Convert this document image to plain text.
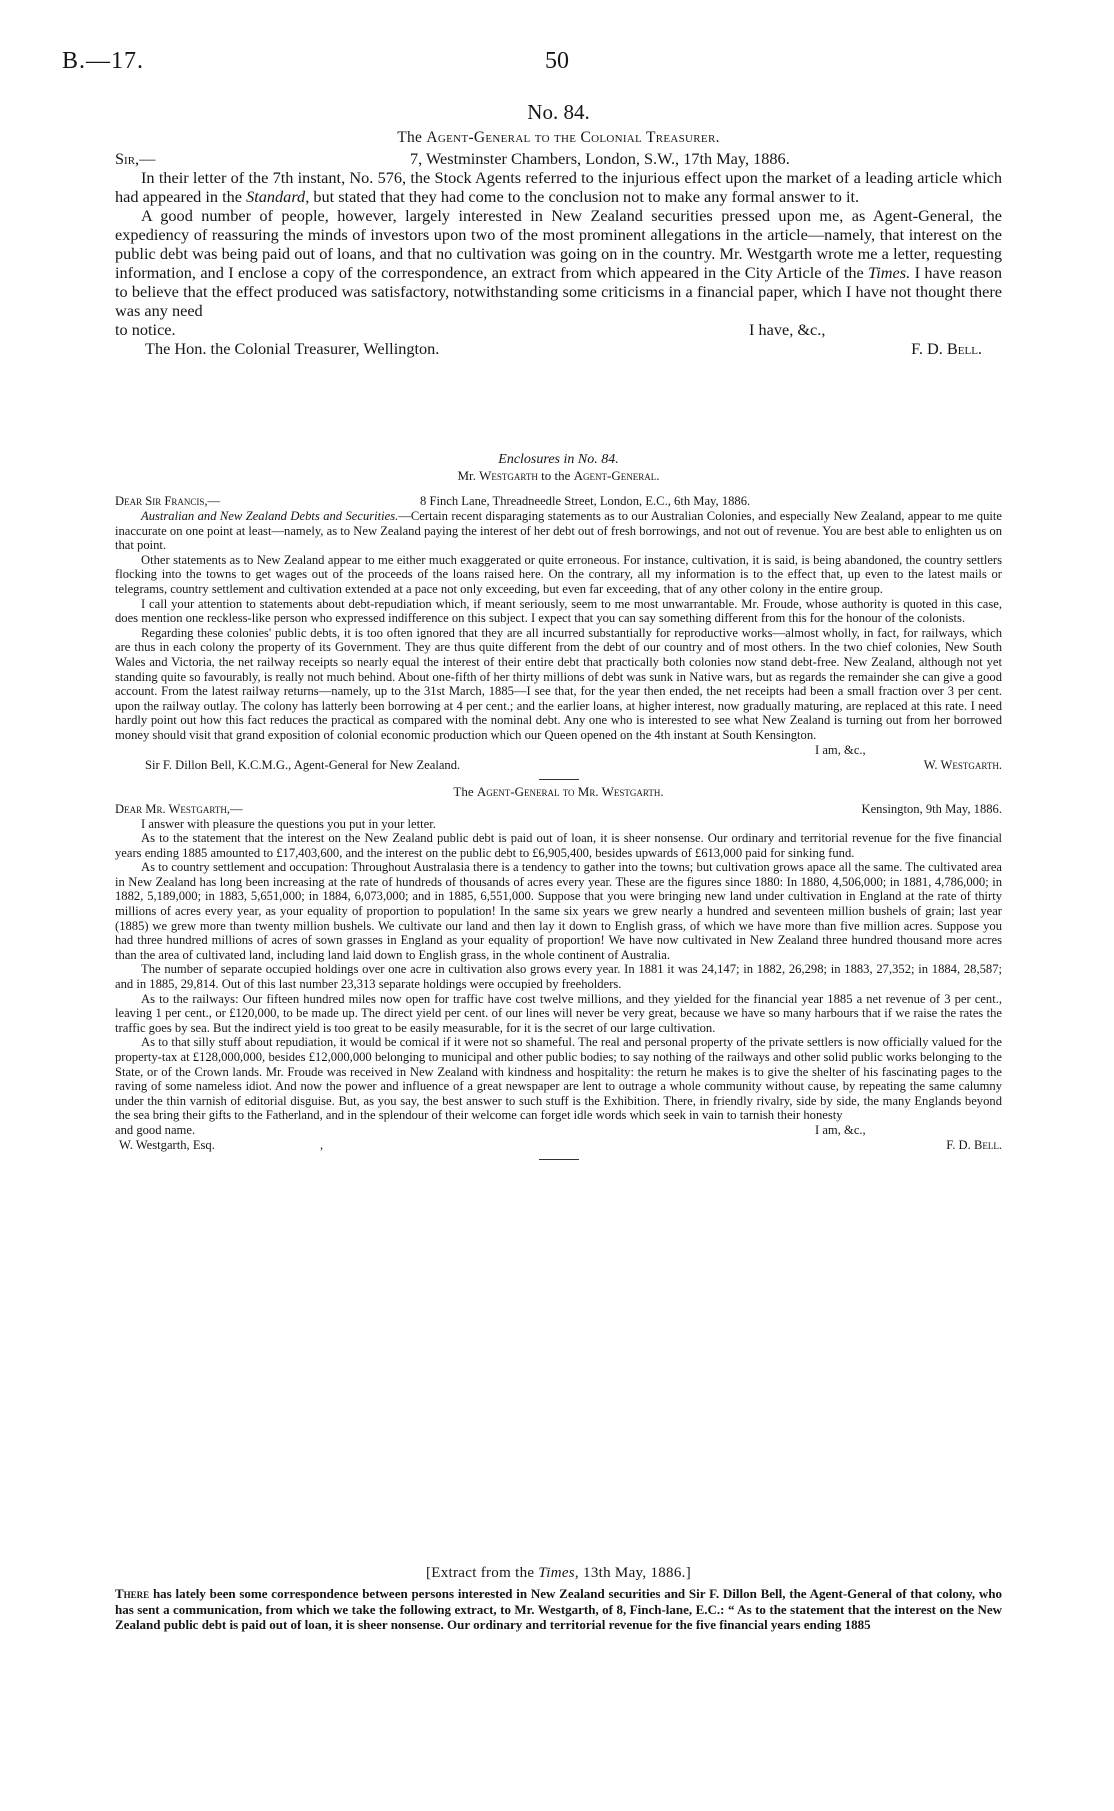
B.—17.	50
No. 84.
The Agent-General to the Colonial Treasurer.
Sir,—	7, Westminster Chambers, London, S.W., 17th May, 1886.

In their letter of the 7th instant, No. 576, the Stock Agents referred to the injurious effect upon the market of a leading article which had appeared in the Standard, but stated that they had come to the conclusion not to make any formal answer to it.

A good number of people, however, largely interested in New Zealand securities pressed upon me, as Agent-General, the expediency of reassuring the minds of investors upon two of the most prominent allegations in the article—namely, that interest on the public debt was being paid out of loans, and that no cultivation was going on in the country. Mr. Westgarth wrote me a letter, requesting information, and I enclose a copy of the correspondence, an extract from which appeared in the City Article of the Times. I have reason to believe that the effect produced was satisfactory, notwithstanding some criticisms in a financial paper, which I have not thought there was any need

to notice.	I have, &c.,
The Hon. the Colonial Treasurer, Wellington.	F. D. Bell.
Enclosures in No. 84.
Mr. Westgarth to the Agent-General.
Dear Sir Francis,—	8 Finch Lane, Threadneedle Street, London, E.C., 6th May, 1886.

Australian and New Zealand Debts and Securities.—Certain recent disparaging statements as to our Australian Colonies, and especially New Zealand, appear to me quite inaccurate on one point at least—namely, as to New Zealand paying the interest of her debt out of fresh borrowings, and not out of revenue. You are best able to enlighten us on that point.

Other statements as to New Zealand appear to me either much exaggerated or quite erroneous. For instance, cultivation, it is said, is being abandoned, the country settlers flocking into the towns to get wages out of the proceeds of the loans raised here. On the contrary, all my information is to the effect that, up even to the latest mails or telegrams, country settlement and cultivation extended at a pace not only exceeding, but even far exceeding, that of any other colony in the entire group.

I call your attention to statements about debt-repudiation which, if meant seriously, seem to me most unwarrantable. Mr. Froude, whose authority is quoted in this case, does mention one reckless-like person who expressed indifference on this subject. I expect that you can say something different from this for the honour of the colonists.

Regarding these colonies' public debts, it is too often ignored that they are all incurred substantially for reproductive works—almost wholly, in fact, for railways, which are thus in each colony the property of its Government. They are thus quite different from the debt of our country and of most others. In the two chief colonies, New South Wales and Victoria, the net railway receipts so nearly equal the interest of their entire debt that practically both colonies now stand debt-free. New Zealand, although not yet standing quite so favourably, is really not much behind. About one-fifth of her thirty millions of debt was sunk in Native wars, but as regards the remainder she can give a good account. From the latest railway returns—namely, up to the 31st March, 1885—I see that, for the year then ended, the net receipts had been a small fraction over 3 per cent. upon the railway outlay. The colony has latterly been borrowing at 4 per cent.; and the earlier loans, at higher interest, now gradually maturing, are replaced at this rate. I need hardly point out how this fact reduces the practical as compared with the nominal debt. Any one who is interested to see what New Zealand is turning out from her borrowed money should visit that grand exposition of colonial economic production which our Queen opened on the 4th instant at South Kensington.

I am, &c.,
Sir F. Dillon Bell, K.C.M.G., Agent-General for New Zealand.	W. Westgarth.
The Agent-General to Mr. Westgarth.
Dear Mr. Westgarth,—	Kensington, 9th May, 1886.

I answer with pleasure the questions you put in your letter.

As to the statement that the interest on the New Zealand public debt is paid out of loan, it is sheer nonsense. Our ordinary and territorial revenue for the five financial years ending 1885 amounted to £17,403,600, and the interest on the public debt to £6,905,400, besides upwards of £613,000 paid for sinking fund.

As to country settlement and occupation: Throughout Australasia there is a tendency to gather into the towns; but cultivation grows apace all the same. The cultivated area in New Zealand has long been increasing at the rate of hundreds of thousands of acres every year. These are the figures since 1880: In 1880, 4,506,000; in 1881, 4,786,000; in 1882, 5,189,000; in 1883, 5,651,000; in 1884, 6,073,000; and in 1885, 6,551,000. Suppose that you were bringing new land under cultivation in England at the rate of thirty millions of acres every year, as your equality of proportion to population! In the same six years we grew nearly a hundred and seventeen million bushels of grain; last year (1885) we grew more than twenty million bushels. We cultivate our land and then lay it down to English grass, of which we have more than five million acres. Suppose you had three hundred millions of acres of sown grasses in England as your equality of proportion! We have now cultivated in New Zealand three hundred thousand more acres than the area of cultivated land, including land laid down to English grass, in the whole continent of Australia.

The number of separate occupied holdings over one acre in cultivation also grows every year. In 1881 it was 24,147; in 1882, 26,298; in 1883, 27,352; in 1884, 28,587; and in 1885, 29,814. Out of this last number 23,313 separate holdings were occupied by freeholders.

As to the railways: Our fifteen hundred miles now open for traffic have cost twelve millions, and they yielded for the financial year 1885 a net revenue of 3 per cent., leaving 1 per cent., or £120,000, to be made up. The direct yield per cent. of our lines will never be very great, because we have so many harbours that if we raise the rates the traffic goes by sea. But the indirect yield is too great to be easily measurable, for it is the secret of our large cultivation.

As to that silly stuff about repudiation, it would be comical if it were not so shameful. The real and personal property of the private settlers is now officially valued for the property-tax at £128,000,000, besides £12,000,000 belonging to municipal and other public bodies; to say nothing of the railways and other solid public works belonging to the State, or of the Crown lands. Mr. Froude was received in New Zealand with kindness and hospitality: the return he makes is to give the shelter of his fascinating pages to the raving of some nameless idiot. And now the power and influence of a great newspaper are lent to outrage a whole community without cause, by repeating the same calumny under the thin varnish of editorial disguise. But, as you say, the best answer to such stuff is the Exhibition. There, in friendly rivalry, side by side, the many Englands beyond the sea bring their gifts to the Fatherland, and in the splendour of their welcome can forget idle words which seek in vain to tarnish their honesty

and good name.	I am, &c.,
W. Westgarth, Esq.	,	F. D. Bell.
[Extract from the Times, 13th May, 1886.]

There has lately been some correspondence between persons interested in New Zealand securities and Sir F. Dillon Bell, the Agent-General of that colony, who has sent a communication, from which we take the following extract, to Mr. Westgarth, of 8, Finch-lane, E.C.: “ As to the statement that the interest on the New Zealand public debt is paid out of loan, it is sheer nonsense. Our ordinary and territorial revenue for the five financial years ending 1885
